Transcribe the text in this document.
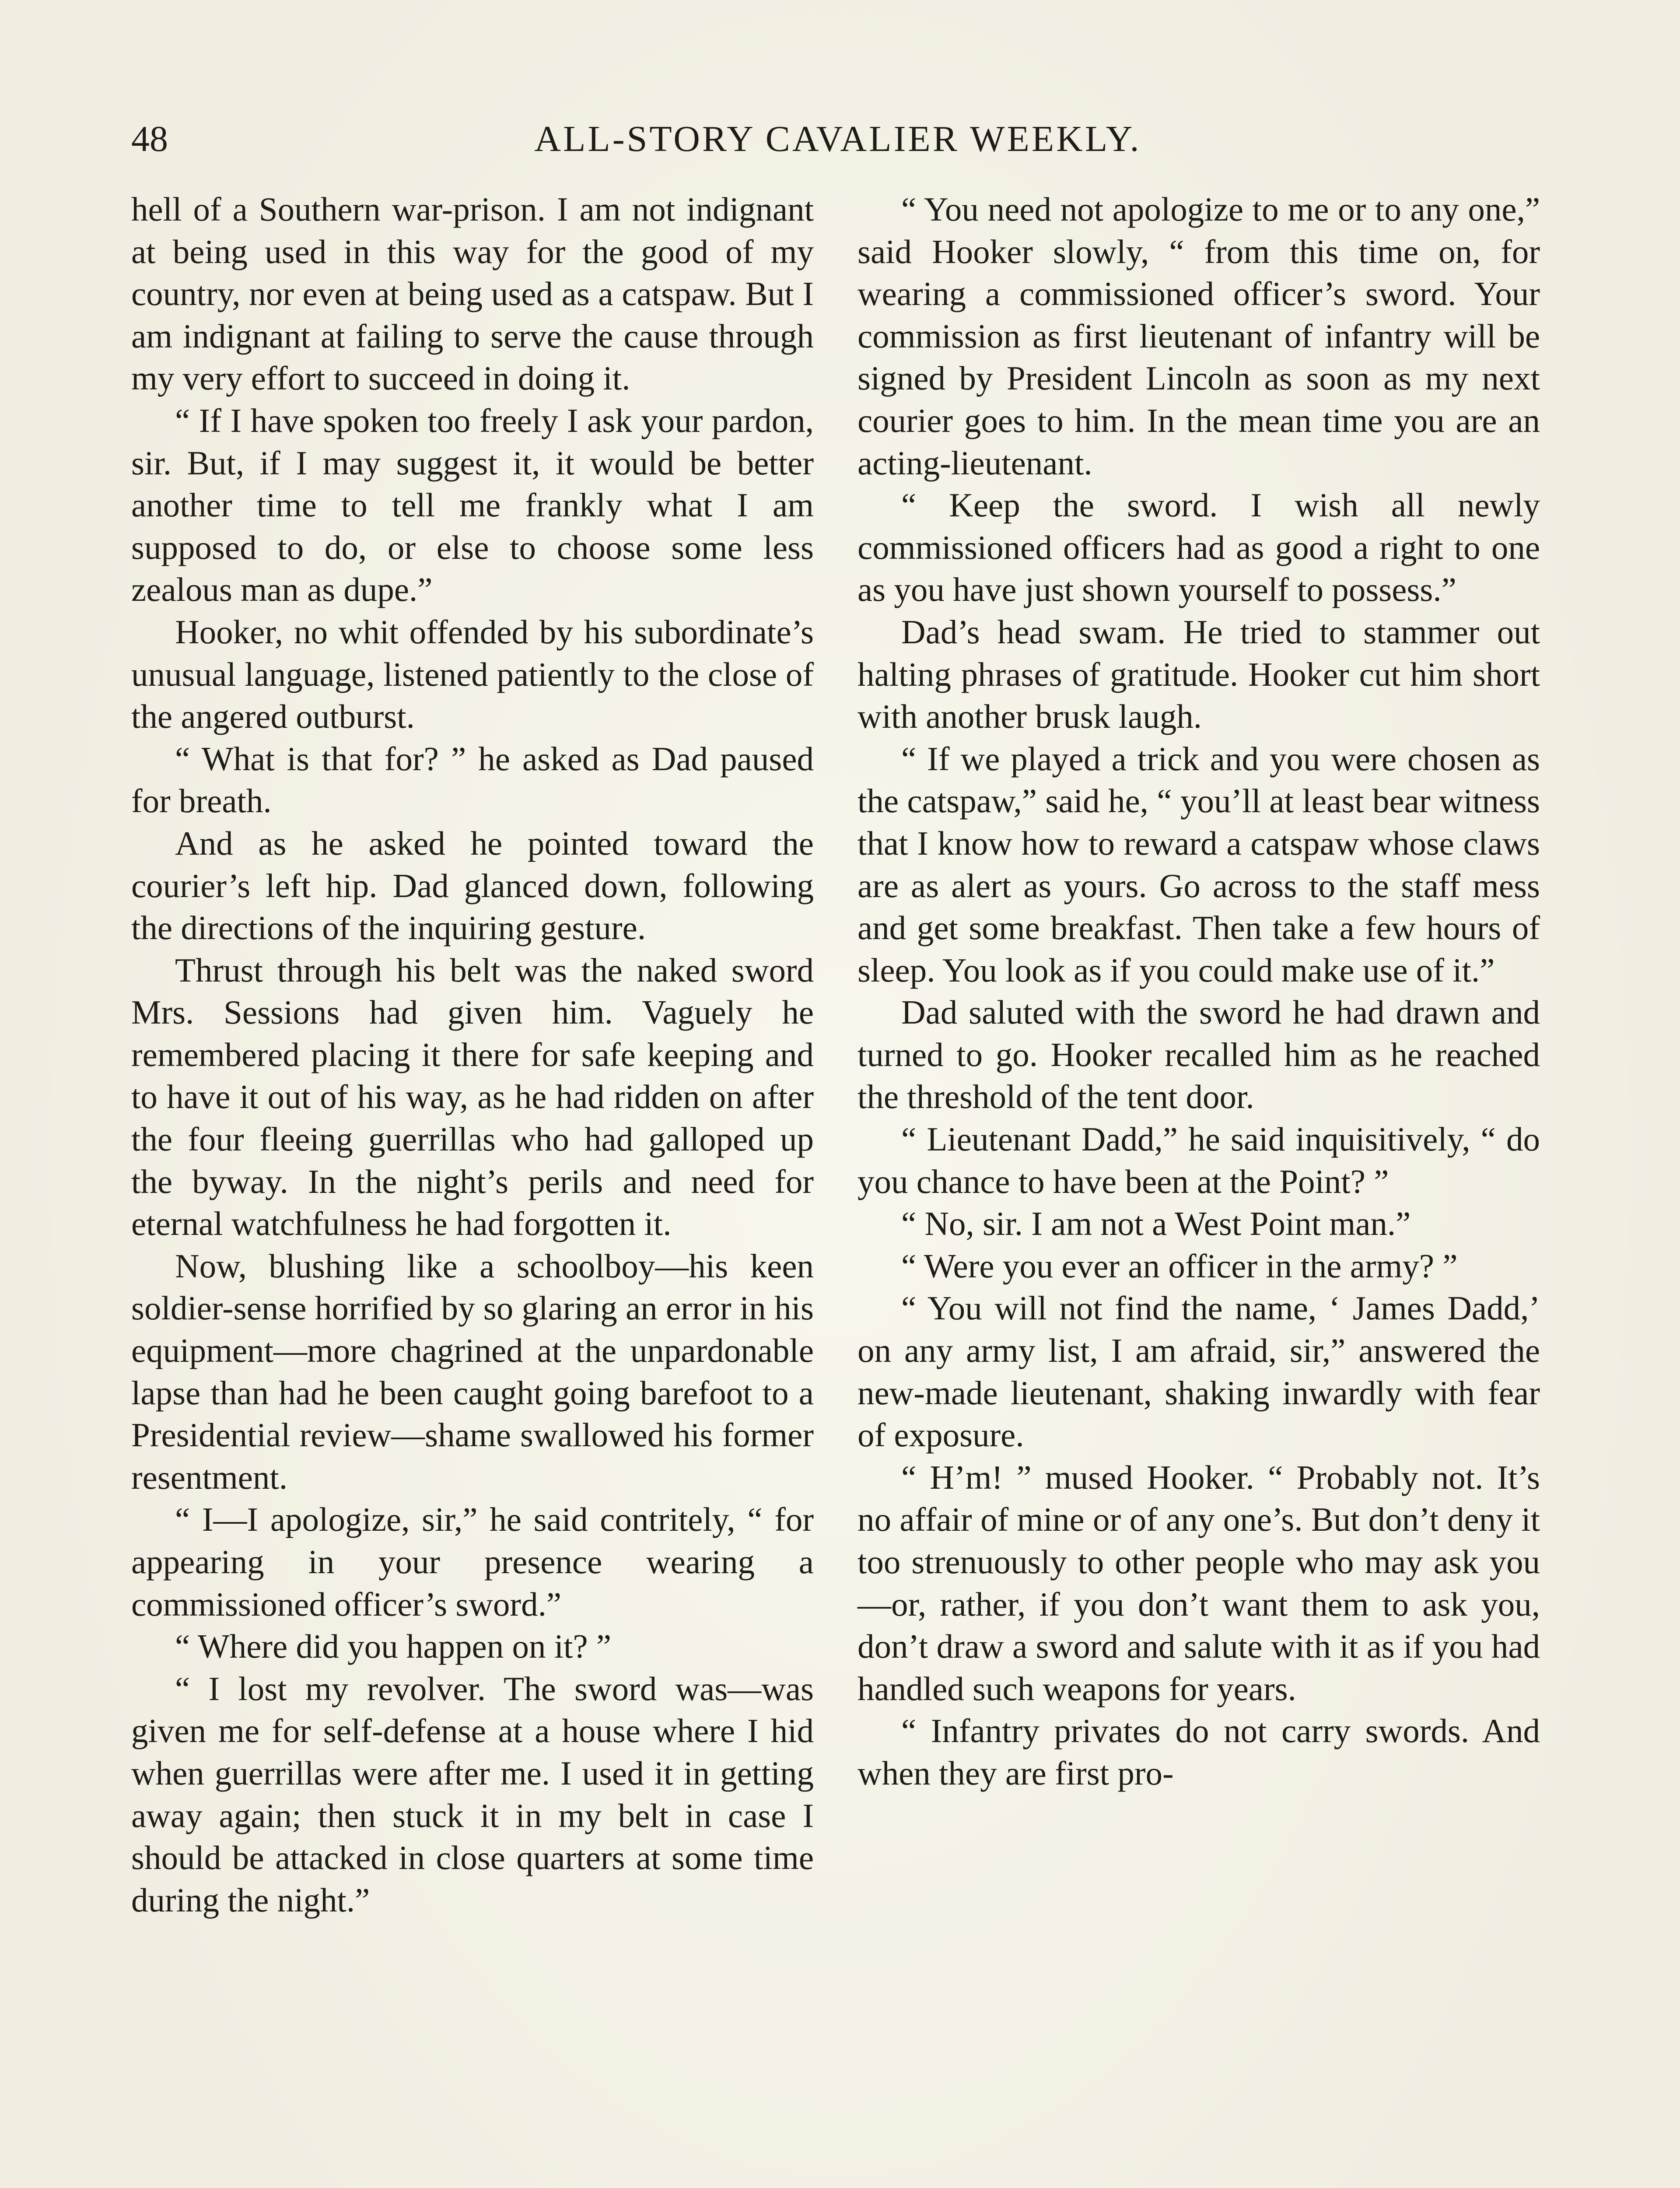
48	ALL-STORY CAVALIER WEEKLY.

hell of a Southern war-prison. I am not indignant at being used in this way for the good of my country, nor even at being used as a catspaw. But I am indignant at failing to serve the cause through my very effort to succeed in doing it.

“ If I have spoken too freely I ask your pardon, sir. But, if I may suggest it, it would be better another time to tell me frankly what I am supposed to do, or else to choose some less zealous man as dupe.”

Hooker, no whit offended by his subordinate’s unusual language, listened patiently to the close of the angered outburst.

“ What is that for? ” he asked as Dad paused for breath.

And as he asked he pointed toward the courier’s left hip. Dad glanced down, following the directions of the inquiring gesture.

Thrust through his belt was the naked sword Mrs. Sessions had given him. Vaguely he remembered placing it there for safe keeping and to have it out of his way, as he had ridden on after the four fleeing guerrillas who had galloped up the byway. In the night’s perils and need for eternal watchfulness he had forgotten it.

Now, blushing like a schoolboy—his keen soldier-sense horrified by so glaring an error in his equipment—more chagrined at the unpardonable lapse than had he been caught going barefoot to a Presidential review—shame swallowed his former resentment.

“ I—I apologize, sir,” he said contritely, “ for appearing in your presence wearing a commissioned officer’s sword.”

“ Where did you happen on it? ”

“ I lost my revolver. The sword was—was given me for self-defense at a house where I hid when guerrillas were after me. I used it in getting away again; then stuck it in my belt in case I should be attacked in close quarters at some time during the night.”

“ You need not apologize to me or to any one,” said Hooker slowly, “ from this time on, for wearing a commissioned officer’s sword. Your commission as first lieutenant of infantry will be signed by President Lincoln as soon as my next courier goes to him. In the mean time you are an acting-lieutenant.

“ Keep the sword. I wish all newly commissioned officers had as good a right to one as you have just shown yourself to possess.”

Dad’s head swam. He tried to stammer out halting phrases of gratitude. Hooker cut him short with another brusk laugh.

“ If we played a trick and you were chosen as the catspaw,” said he, “ you’ll at least bear witness that I know how to reward a catspaw whose claws are as alert as yours. Go across to the staff mess and get some breakfast. Then take a few hours of sleep. You look as if you could make use of it.”

Dad saluted with the sword he had drawn and turned to go. Hooker recalled him as he reached the threshold of the tent door.

“ Lieutenant Dadd,” he said inquisitively, “ do you chance to have been at the Point? ”

“ No, sir. I am not a West Point man.”

“ Were you ever an officer in the army? ”

“ You will not find the name, ‘ James Dadd,’ on any army list, I am afraid, sir,” answered the new-made lieutenant, shaking inwardly with fear of exposure.

“ H’m! ” mused Hooker. “ Probably not. It’s no affair of mine or of any one’s. But don’t deny it too strenuously to other people who may ask you—or, rather, if you don’t want them to ask you, don’t draw a sword and salute with it as if you had handled such weapons for years.

“ Infantry privates do not carry swords. And when they are first pro-
